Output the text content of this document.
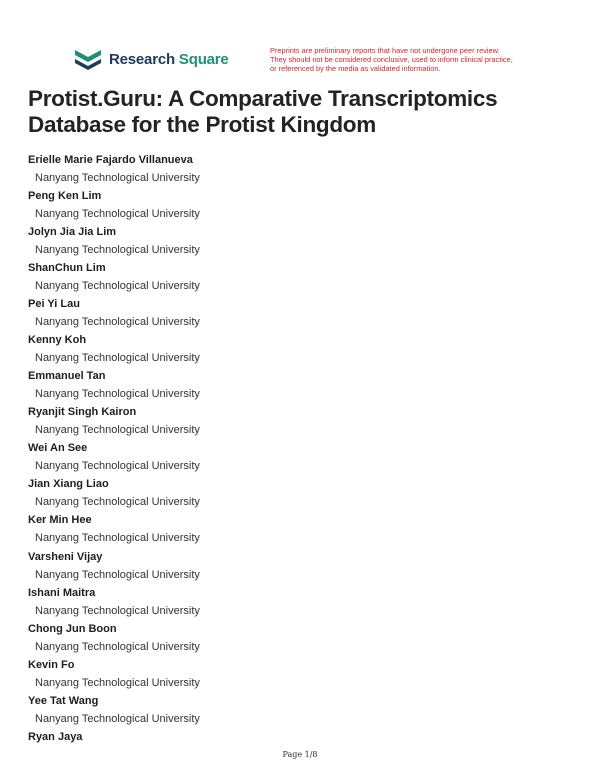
Research Square	Preprints are preliminary reports that have not undergone peer review.
They should not be considered conclusive, used to inform clinical practice,
or referenced by the media as validated information.
Protist.Guru: A Comparative Transcriptomics Database for the Protist Kingdom
Erielle Marie Fajardo Villanueva
Nanyang Technological University
Peng Ken Lim
Nanyang Technological University
Jolyn Jia Jia Lim
Nanyang Technological University
ShanChun Lim
Nanyang Technological University
Pei Yi Lau
Nanyang Technological University
Kenny Koh
Nanyang Technological University
Emmanuel Tan
Nanyang Technological University
Ryanjit Singh Kairon
Nanyang Technological University
Wei An See
Nanyang Technological University
Jian Xiang Liao
Nanyang Technological University
Ker Min Hee
Nanyang Technological University
Varsheni Vijay
Nanyang Technological University
Ishani Maitra
Nanyang Technological University
Chong Jun Boon
Nanyang Technological University
Kevin Fo
Nanyang Technological University
Yee Tat Wang
Nanyang Technological University
Ryan Jaya
Page 1/8
